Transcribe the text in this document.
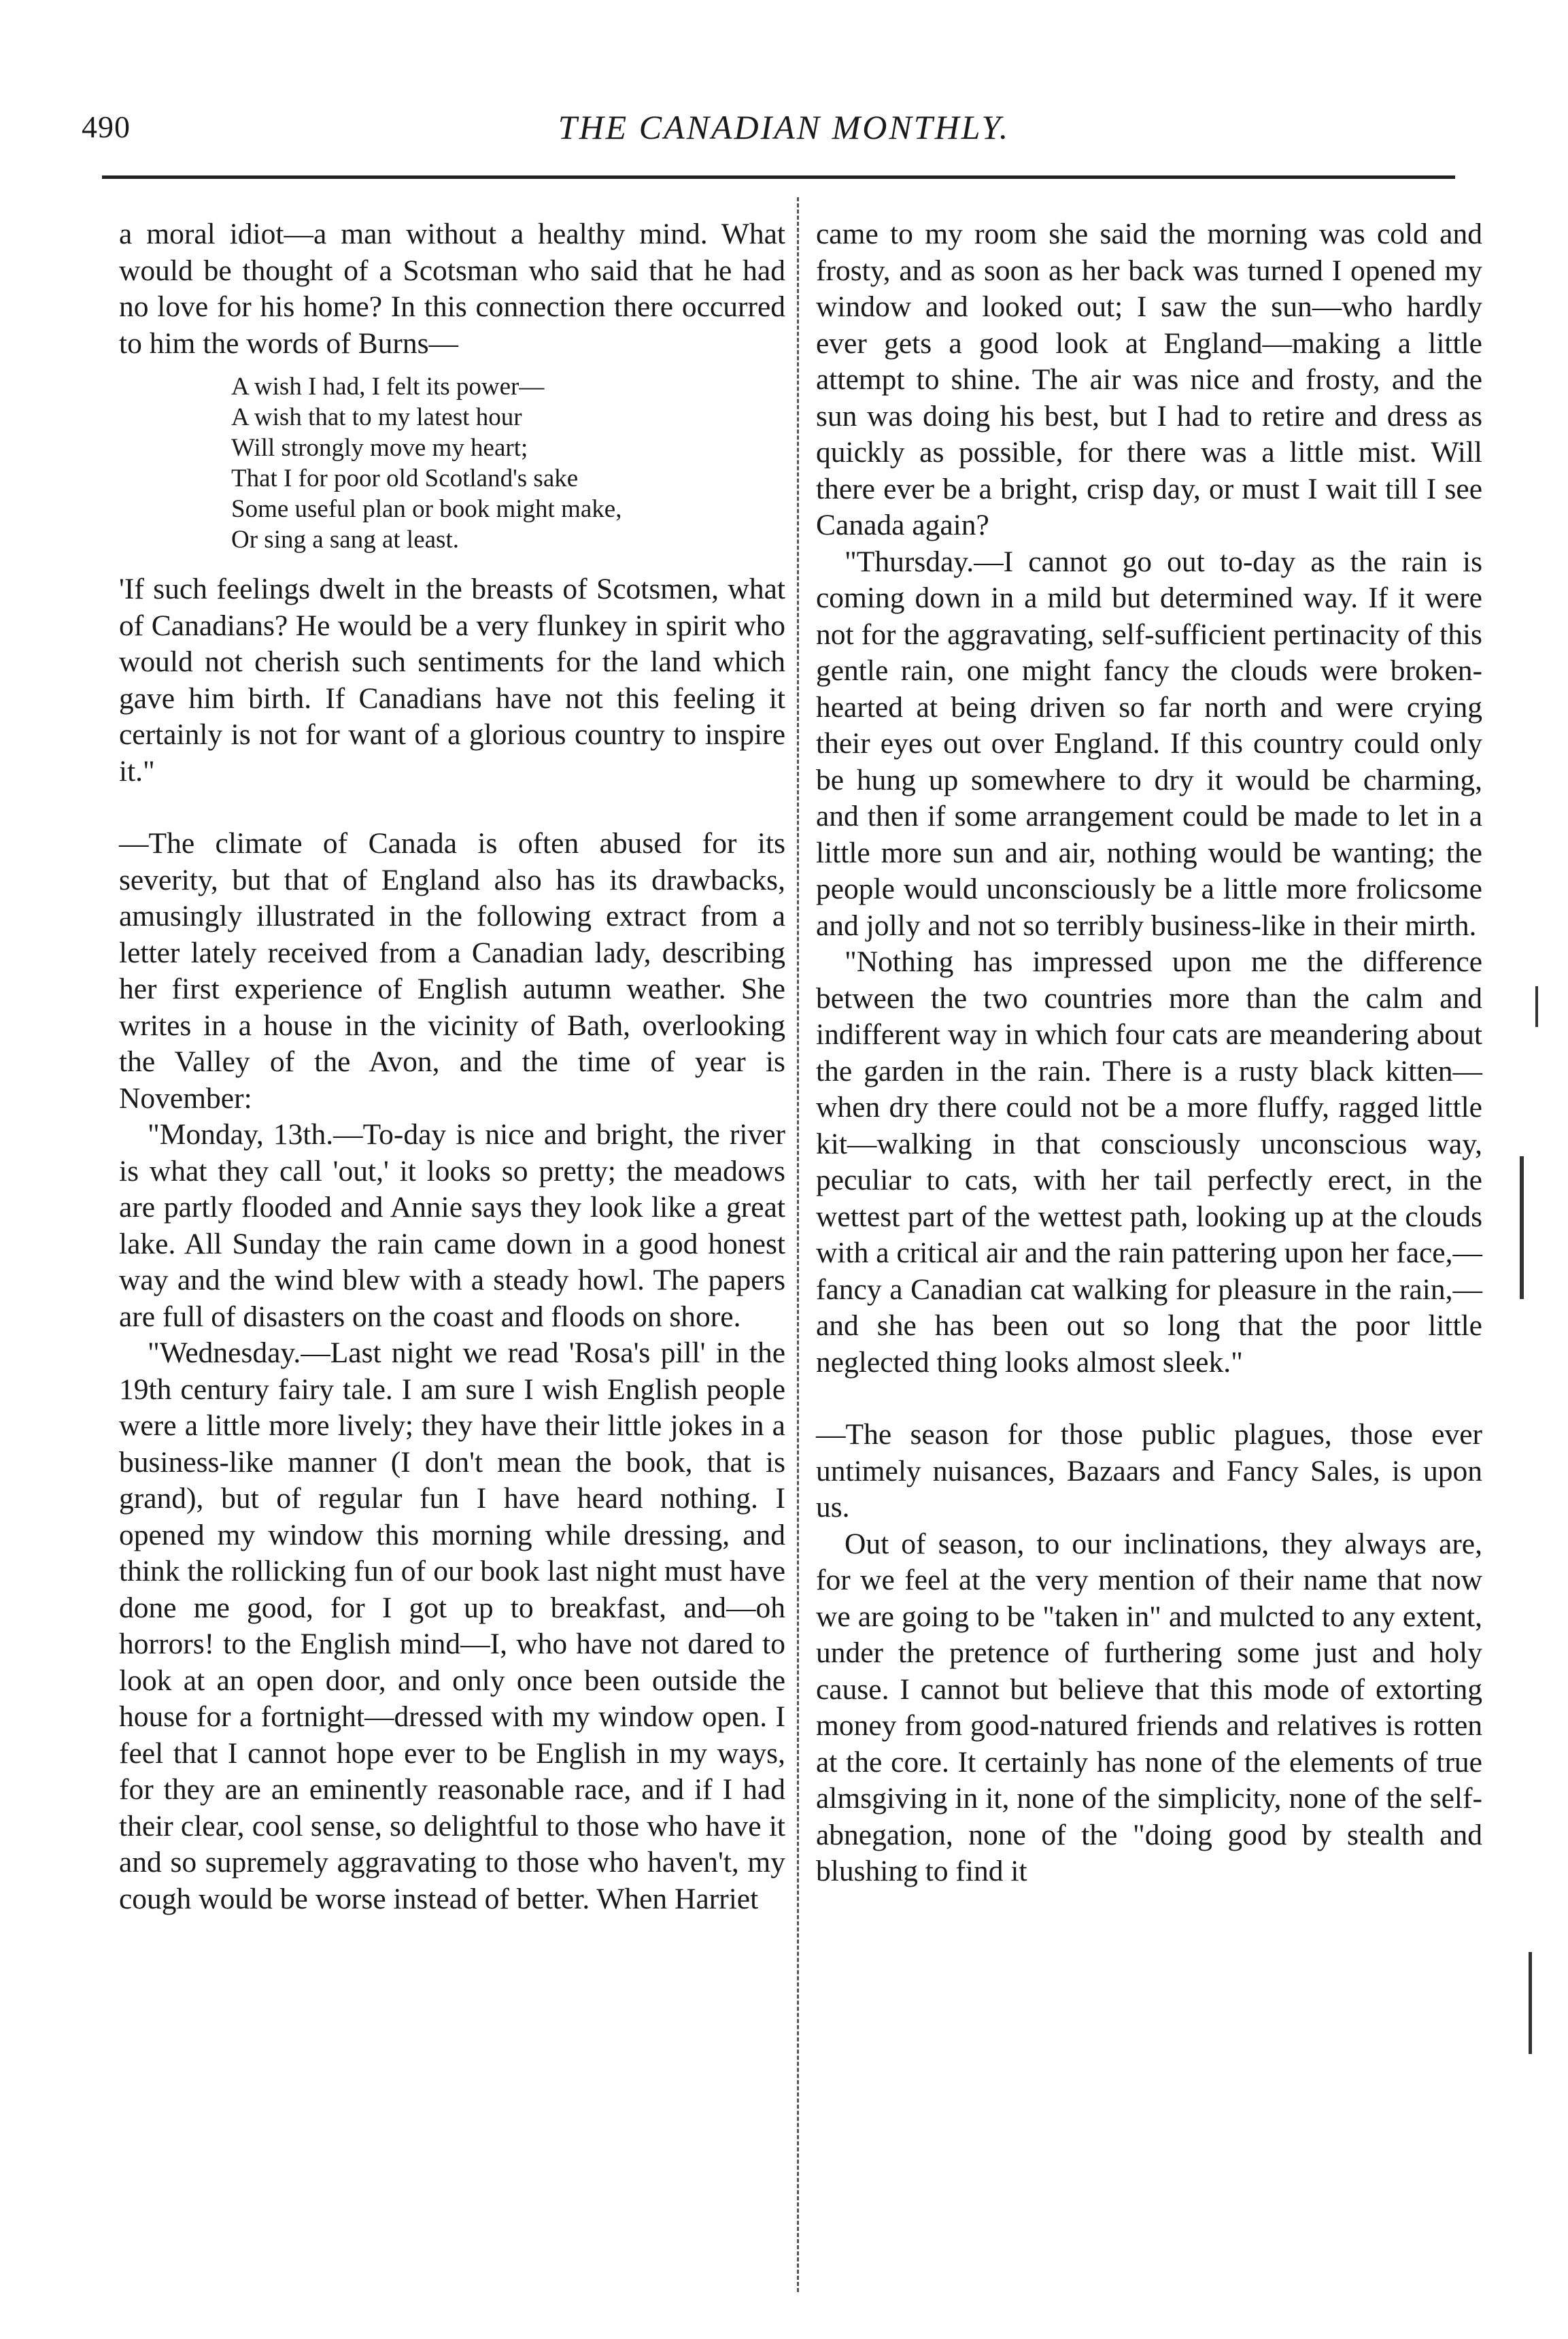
490	THE CANADIAN MONTHLY.

a moral idiot—a man without a healthy mind. What would be thought of a Scotsman who said that he had no love for his home? In this connection there occurred to him the words of Burns—

A wish I had, I felt its power—
A wish that to my latest hour
Will strongly move my heart;
That I for poor old Scotland's sake
Some useful plan or book might make,
Or sing a sang at least.

'If such feelings dwelt in the breasts of Scotsmen, what of Canadians? He would be a very flunkey in spirit who would not cherish such sentiments for the land which gave him birth. If Canadians have not this feeling it certainly is not for want of a glorious country to inspire it."

—The climate of Canada is often abused for its severity, but that of England also has its drawbacks, amusingly illustrated in the following extract from a letter lately received from a Canadian lady, describing her first experience of English autumn weather. She writes in a house in the vicinity of Bath, overlooking the Valley of the Avon, and the time of year is November:

"Monday, 13th.—To-day is nice and bright, the river is what they call 'out,' it looks so pretty; the meadows are partly flooded and Annie says they look like a great lake. All Sunday the rain came down in a good honest way and the wind blew with a steady howl. The papers are full of disasters on the coast and floods on shore.

"Wednesday.—Last night we read 'Rosa's pill' in the 19th century fairy tale. I am sure I wish English people were a little more lively; they have their little jokes in a business-like manner (I don't mean the book, that is grand), but of regular fun I have heard nothing. I opened my window this morning while dressing, and think the rollicking fun of our book last night must have done me good, for I got up to breakfast, and—oh horrors! to the English mind—I, who have not dared to look at an open door, and only once been outside the house for a fortnight—dressed with my window open. I feel that I cannot hope ever to be English in my ways, for they are an eminently reasonable race, and if I had their clear, cool sense, so delightful to those who have it and so supremely aggravating to those who haven't, my cough would be worse instead of better. When Harriet

came to my room she said the morning was cold and frosty, and as soon as her back was turned I opened my window and looked out; I saw the sun—who hardly ever gets a good look at England—making a little attempt to shine. The air was nice and frosty, and the sun was doing his best, but I had to retire and dress as quickly as possible, for there was a little mist. Will there ever be a bright, crisp day, or must I wait till I see Canada again?

"Thursday.—I cannot go out to-day as the rain is coming down in a mild but determined way. If it were not for the aggravating, self-sufficient pertinacity of this gentle rain, one might fancy the clouds were broken-hearted at being driven so far north and were crying their eyes out over England. If this country could only be hung up somewhere to dry it would be charming, and then if some arrangement could be made to let in a little more sun and air, nothing would be wanting; the people would unconsciously be a little more frolicsome and jolly and not so terribly business-like in their mirth.

"Nothing has impressed upon me the difference between the two countries more than the calm and indifferent way in which four cats are meandering about the garden in the rain. There is a rusty black kitten—when dry there could not be a more fluffy, ragged little kit—walking in that consciously unconscious way, peculiar to cats, with her tail perfectly erect, in the wettest part of the wettest path, looking up at the clouds with a critical air and the rain pattering upon her face,—fancy a Canadian cat walking for pleasure in the rain,—and she has been out so long that the poor little neglected thing looks almost sleek."

—The season for those public plagues, those ever untimely nuisances, Bazaars and Fancy Sales, is upon us.

Out of season, to our inclinations, they always are, for we feel at the very mention of their name that now we are going to be "taken in" and mulcted to any extent, under the pretence of furthering some just and holy cause. I cannot but believe that this mode of extorting money from good-natured friends and relatives is rotten at the core. It certainly has none of the elements of true almsgiving in it, none of the simplicity, none of the self-abnegation, none of the "doing good by stealth and blushing to find it
